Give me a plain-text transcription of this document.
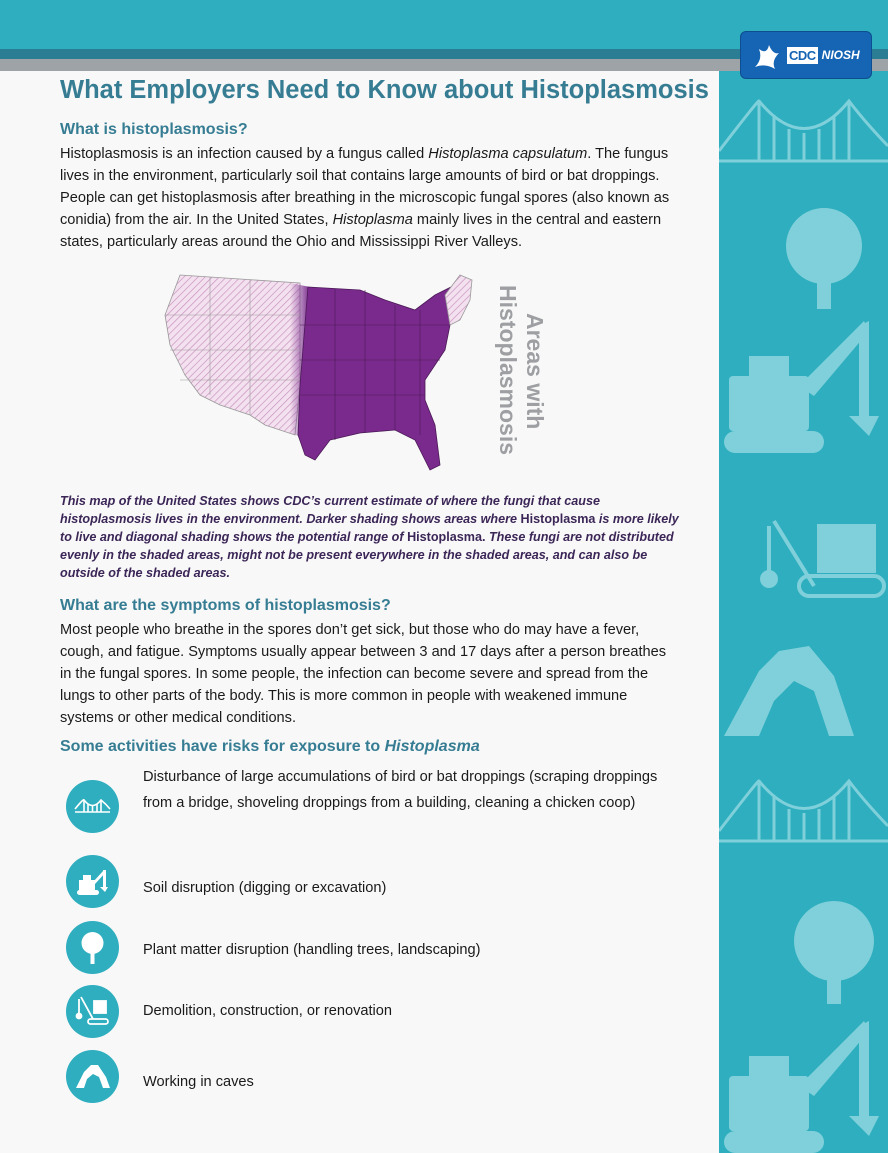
CDC NIOSH
What Employers Need to Know about Histoplasmosis
What is histoplasmosis?
Histoplasmosis is an infection caused by a fungus called Histoplasma capsulatum. The fungus lives in the environment, particularly soil that contains large amounts of bird or bat droppings. People can get histoplasmosis after breathing in the microscopic fungal spores (also known as conidia) from the air. In the United States, Histoplasma mainly lives in the central and eastern states, particularly areas around the Ohio and Mississippi River Valleys.
Areas with
Histoplasmosis
This map of the United States shows CDC’s current estimate of where the fungi that cause histoplasmosis lives in the environment. Darker shading shows areas where Histoplasma is more likely to live and diagonal shading shows the potential range of Histoplasma. These fungi are not distributed evenly in the shaded areas, might not be present everywhere in the shaded areas, and can also be outside of the shaded areas.
What are the symptoms of histoplasmosis?
Most people who breathe in the spores don’t get sick, but those who do may have a fever, cough, and fatigue. Symptoms usually appear between 3 and 17 days after a person breathes in the fungal spores. In some people, the infection can become severe and spread from the lungs to other parts of the body. This is more common in people with weakened immune systems or other medical conditions.
Some activities have risks for exposure to Histoplasma
Disturbance of large accumulations of bird or bat droppings (scraping droppings from a bridge, shoveling droppings from a building, cleaning a chicken coop)
Soil disruption (digging or excavation)
Plant matter disruption (handling trees, landscaping)
Demolition, construction, or renovation
Working in caves
